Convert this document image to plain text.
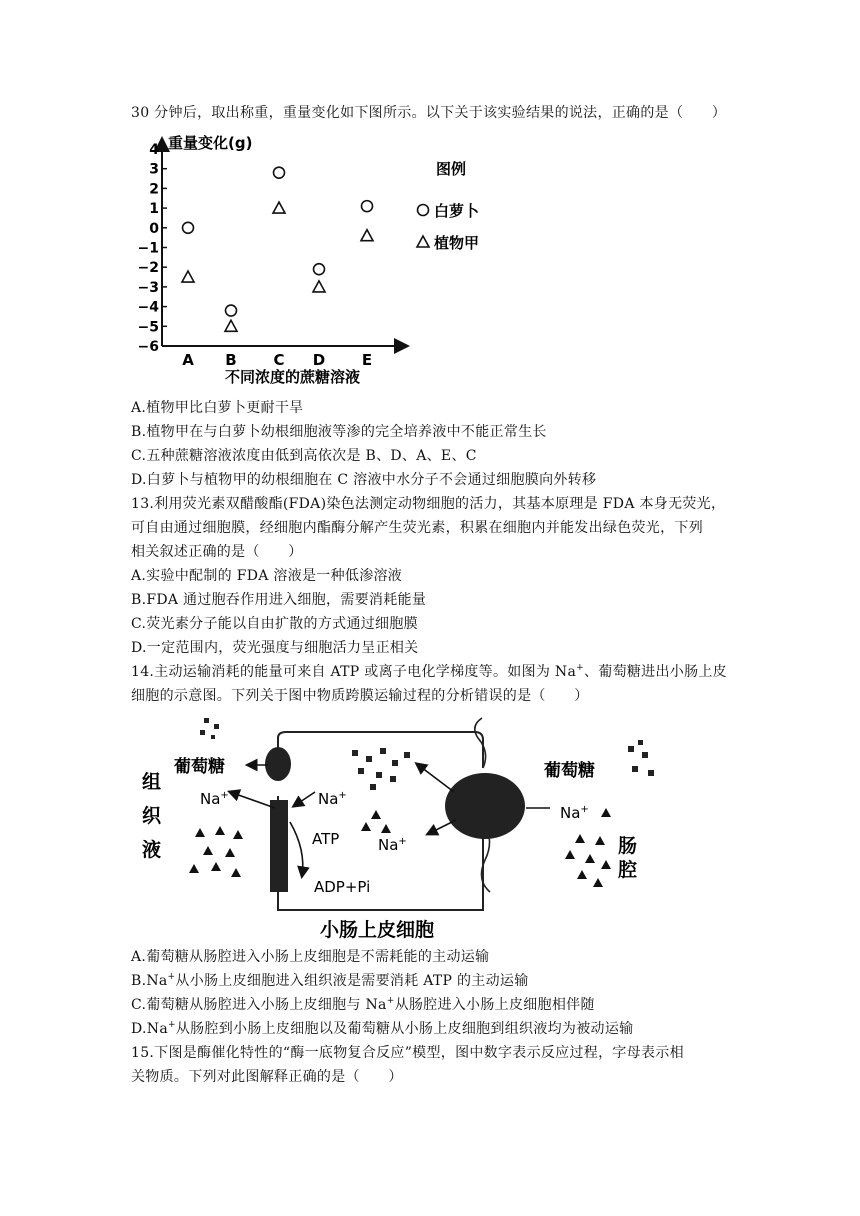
30 分钟后，取出称重，重量变化如下图所示。以下关于该实验结果的说法，正确的是（　　）
重量变化(g)
不同浓度的蔗糖溶液
4
3
2
1
0
−1
−2
−3
−4
−5
−6
A B C D E
图例
白萝卜
植物甲
A.植物甲比白萝卜更耐干旱
B.植物甲在与白萝卜幼根细胞液等渗的完全培养液中不能正常生长
C.五种蔗糖溶液浓度由低到高依次是 B、D、A、E、C
D.白萝卜与植物甲的幼根细胞在 C 溶液中水分子不会通过细胞膜向外转移
13.利用荧光素双醋酸酯(FDA)染色法测定动物细胞的活力，其基本原理是 FDA 本身无荧光，
可自由通过细胞膜，经细胞内酯酶分解产生荧光素，积累在细胞内并能发出绿色荧光，下列
相关叙述正确的是（　　）
A.实验中配制的 FDA 溶液是一种低渗溶液
B.FDA 通过胞吞作用进入细胞，需要消耗能量
C.荧光素分子能以自由扩散的方式通过细胞膜
D.一定范围内，荧光强度与细胞活力呈正相关
14.主动运输消耗的能量可来自 ATP 或离子电化学梯度等。如图为 Na+、葡萄糖进出小肠上皮
细胞的示意图。下列关于图中物质跨膜运输过程的分析错误的是（　　）
组
织
液	肠
腔
葡萄糖	葡萄糖
Na+	Na+
Na+
Na+
ATP
ADP+Pi
小肠上皮细胞
A.葡萄糖从肠腔进入小肠上皮细胞是不需耗能的主动运输
B.Na+从小肠上皮细胞进入组织液是需要消耗 ATP 的主动运输
C.葡萄糖从肠腔进入小肠上皮细胞与 Na+从肠腔进入小肠上皮细胞相伴随
D.Na+从肠腔到小肠上皮细胞以及葡萄糖从小肠上皮细胞到组织液均为被动运输
15.下图是酶催化特性的“酶一底物复合反应”模型，图中数字表示反应过程，字母表示相
关物质。下列对此图解释正确的是（　　）
